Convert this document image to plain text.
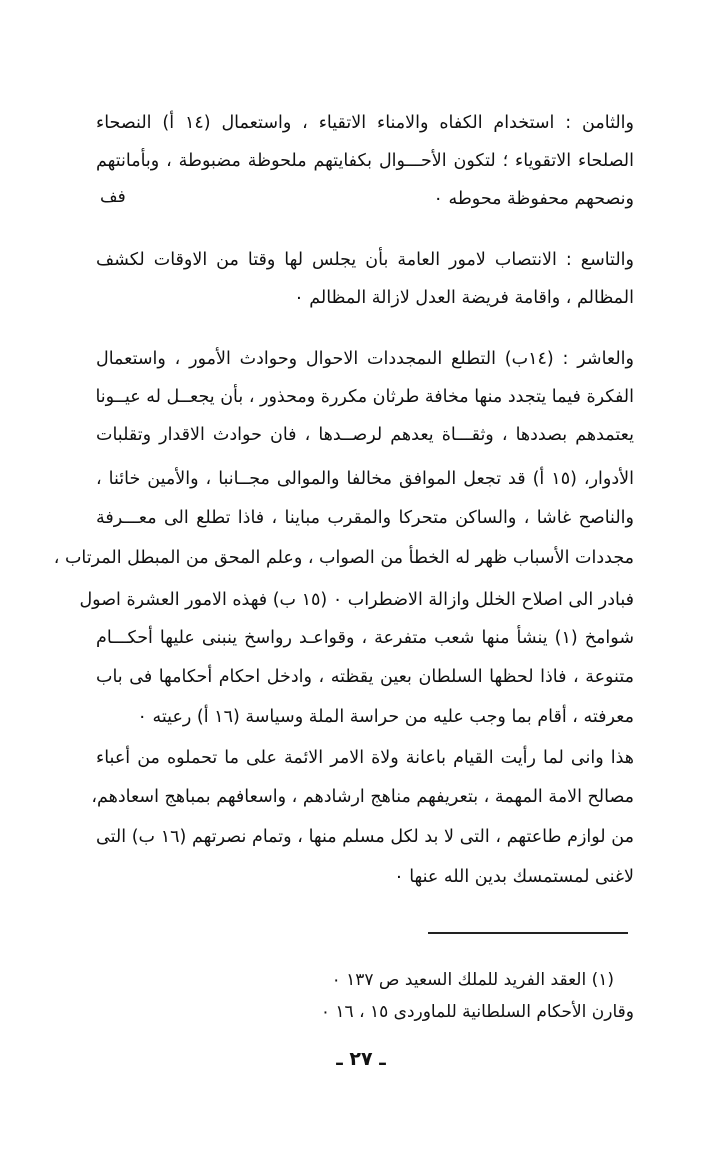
والثامن : استخدام الكفاه والامناء الاتقياء ، واستعمال (١٤ أ) النصحاء
الصلحاء الاتقوياء ؛ لتكون الأحـــوال بكفايتهم ملحوظة مضبوطة ، وبأمانتهم
ونصحهم محفوظة محوطه ٠
فف
والتاسع : الانتصاب لامور العامة بأن يجلس لها وقتا من الاوقات لكشف
المظالم ، واقامة فريضة العدل لازالة المظالم ٠
والعاشر : (١٤ب) التطلع الىمجددات الاحوال وحوادث الأمور ، واستعمال
الفكرة فيما يتجدد منها مخافة طرثان مكررة ومحذور ، بأن يجعــل له عيــونا
يعتمدهم بصددها ، وثقـــاة يعدهم لرصــدها ، فان حوادث الاقدار وتقلبات
الأدوار، (١٥ أ) قد تجعل الموافق مخالفا والموالى مجــانبا ، والأمين خائنا ،
والناصح غاشا ، والساكن متحركا والمقرب مباينا ، فاذا تطلع الى معـــرفة
مجددات الأسباب ظهر له الخطأ من الصواب ، وعلم المحق من المبطل المرتاب ،
فبادر الى اصلاح الخلل وازالة الاضطراب ٠ (١٥ ب) فهذه الامور العشرة اصول
شوامخ (١) ينشأ منها شعب متفرعة ، وقواعـد رواسخ ينبنى عليها أحكـــام
متنوعة ، فاذا لحظها السلطان بعين يقظته ، وادخل احكام أحكامها فى باب
معرفته ، أقام بما وجب عليه من حراسة الملة وسياسة (١٦ أ) رعيته ٠
هذا وانى لما رأيت القيام باعانة ولاة الامر الائمة على ما تحملوه من أعباء
مصالح الامة المهمة ، بتعريفهم مناهج ارشادهم ، واسعافهم بمباهج اسعادهم،
من لوازم طاعتهم ، التى لا بد لكل مسلم منها ، وتمام نصرتهم (١٦ ب) التى
لاغنى لمستمسك بدين الله عنها ٠
(١) العقد الفريد للملك السعيد ص ١٣٧ ٠
وقارن الأحكام السلطانية للماوردى ١٥ ، ١٦ ٠
ـ ٢٧ ـ
